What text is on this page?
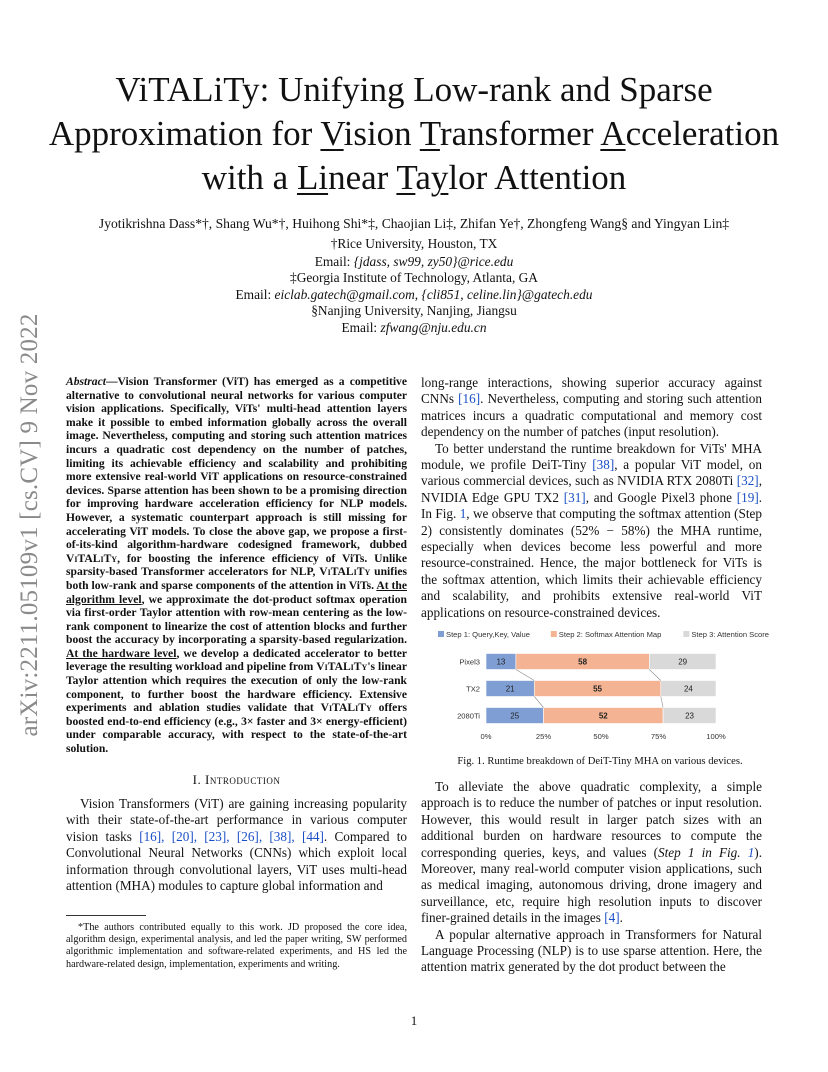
ViTALiTy: Unifying Low-rank and Sparse
Approximation for Vision Transformer Acceleration
with a Linear Taylor Attention
Jyotikrishna Dass*†, Shang Wu*†, Huihong Shi*‡, Chaojian Li‡, Zhifan Ye†, Zhongfeng Wang§ and Yingyan Lin‡
†Rice University, Houston, TX
Email: {jdass, sw99, zy50}@rice.edu
‡Georgia Institute of Technology, Atlanta, GA
Email: eiclab.gatech@gmail.com, {cli851, celine.lin}@gatech.edu
§Nanjing University, Nanjing, Jiangsu
Email: zfwang@nju.edu.cn
arXiv:2211.05109v1 [cs.CV] 9 Nov 2022 Abstract—Vision Transformer (ViT) has emerged as a competitive alternative to convolutional neural networks for various computer vision applications. Specifically, ViTs' multi-head attention layers make it possible to embed information globally across the overall image. Nevertheless, computing and storing such attention matrices incurs a quadratic cost dependency on the number of patches, limiting its achievable efficiency and scalability and prohibiting more extensive real-world ViT applications on resource-constrained devices. Sparse attention has been shown to be a promising direction for improving hardware acceleration efficiency for NLP models. However, a systematic counterpart approach is still missing for accelerating ViT models. To close the above gap, we propose a first-of-its-kind algorithm-hardware codesigned framework, dubbed ViTALiTy, for boosting the inference efficiency of ViTs. Unlike sparsity-based Transformer accelerators for NLP, ViTALiTy unifies both low-rank and sparse components of the attention in ViTs. At the algorithm level, we approximate the dot-product softmax operation via first-order Taylor attention with row-mean centering as the low-rank component to linearize the cost of attention blocks and further boost the accuracy by incorporating a sparsity-based regularization. At the hardware level, we develop a dedicated accelerator to better leverage the resulting workload and pipeline from ViTALiTy's linear Taylor attention which requires the execution of only the low-rank component, to further boost the hardware efficiency. Extensive experiments and ablation studies validate that ViTALiTy offers boosted end-to-end efficiency (e.g., 3× faster and 3× energy-efficient) under comparable accuracy, with respect to the state-of-the-art solution.

I. Introduction

Vision Transformers (ViT) are gaining increasing popularity with their state-of-the-art performance in various computer vision tasks [16], [20], [23], [26], [38], [44]. Compared to Convolutional Neural Networks (CNNs) which exploit local information through convolutional layers, ViT uses multi-head attention (MHA) modules to capture global information and

*The authors contributed equally to this work. JD proposed the core idea, algorithm design, experimental analysis, and led the paper writing, SW performed algorithmic implementation and software-related experiments, and HS led the hardware-related design, implementation, experiments and writing.

long-range interactions, showing superior accuracy against CNNs [16]. Nevertheless, computing and storing such attention matrices incurs a quadratic computational and memory cost dependency on the number of patches (input resolution).

To better understand the runtime breakdown for ViTs' MHA module, we profile DeiT-Tiny [38], a popular ViT model, on various commercial devices, such as NVIDIA RTX 2080Ti [32], NVIDIA Edge GPU TX2 [31], and Google Pixel3 phone [19]. In Fig. 1, we observe that computing the softmax attention (Step 2) consistently dominates (52% − 58%) the MHA runtime, especially when devices become less powerful and more resource-constrained. Hence, the major bottleneck for ViTs is the softmax attention, which limits their achievable efficiency and scalability, and prohibits extensive real-world ViT applications on resource-constrained devices.

Step 1: Query,Key, Value	Step 2: Softmax Attention Map	Step 3: Attention Score
Pixel3 13	58	29
TX2	21	55	24
2080Ti	25	52	23
0%	25%	50%	75%	100%
Fig. 1. Runtime breakdown of DeiT-Tiny MHA on various devices.

To alleviate the above quadratic complexity, a simple approach is to reduce the number of patches or input resolution. However, this would result in larger patch sizes with an additional burden on hardware resources to compute the corresponding queries, keys, and values (Step 1 in Fig. 1). Moreover, many real-world computer vision applications, such as medical imaging, autonomous driving, drone imagery and surveillance, etc, require high resolution inputs to discover finer-grained details in the images [4].

A popular alternative approach in Transformers for Natural Language Processing (NLP) is to use sparse attention. Here, the attention matrix generated by the dot product between the

1
